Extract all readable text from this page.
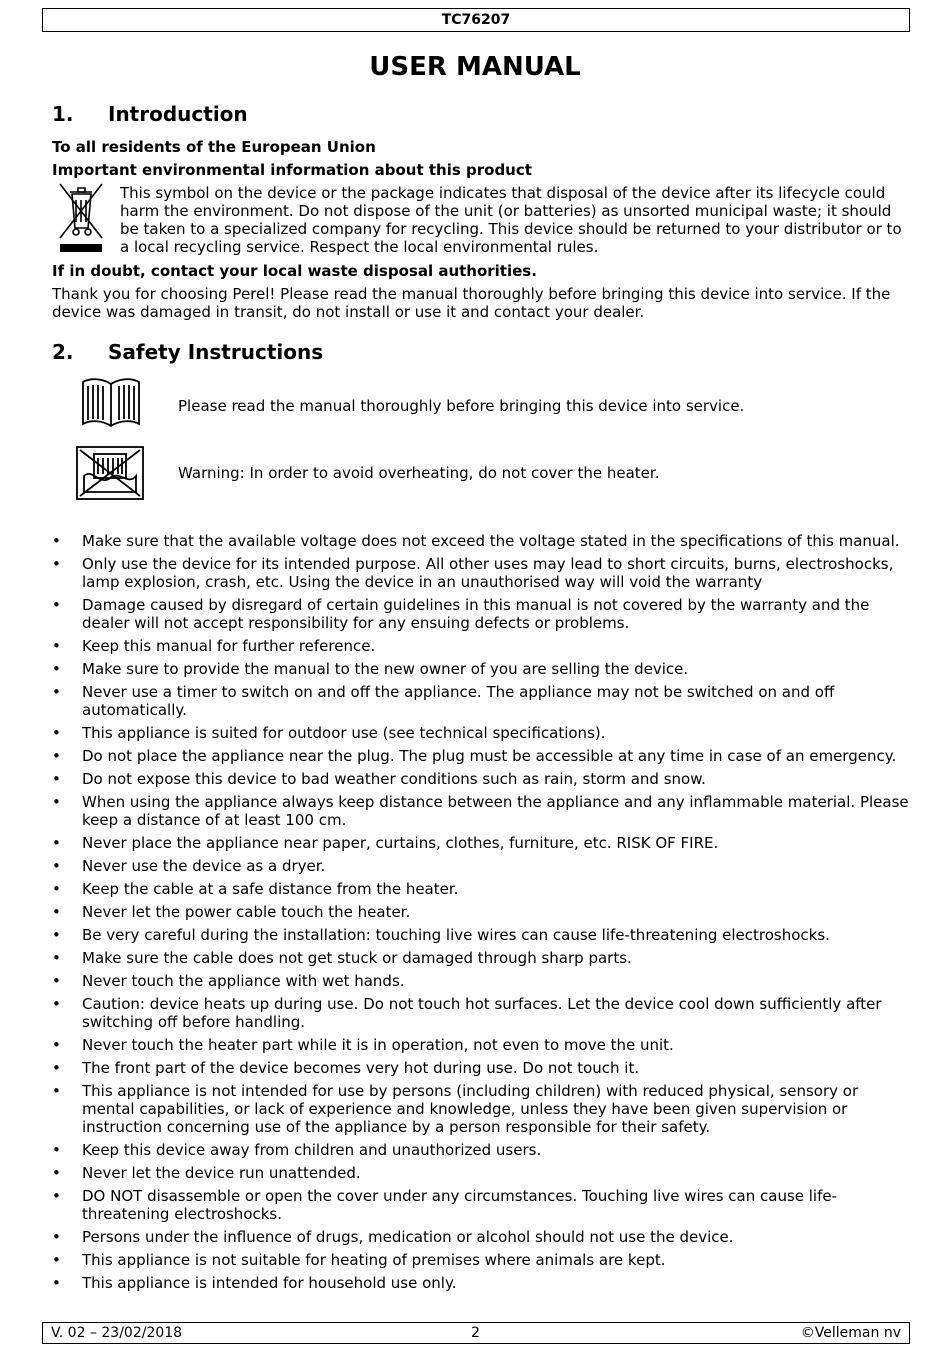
TC76207
USER MANUAL
1. Introduction
To all residents of the European Union
Important environmental information about this product
This symbol on the device or the package indicates that disposal of the device after its lifecycle could harm the environment. Do not dispose of the unit (or batteries) as unsorted municipal waste; it should be taken to a specialized company for recycling. This device should be returned to your distributor or to a local recycling service. Respect the local environmental rules.
If in doubt, contact your local waste disposal authorities.
Thank you for choosing Perel! Please read the manual thoroughly before bringing this device into service. If the device was damaged in transit, do not install or use it and contact your dealer.
2. Safety Instructions
Please read the manual thoroughly before bringing this device into service.
Warning: In order to avoid overheating, do not cover the heater.
• Make sure that the available voltage does not exceed the voltage stated in the specifications of this manual.
• Only use the device for its intended purpose. All other uses may lead to short circuits, burns, electroshocks, lamp explosion, crash, etc. Using the device in an unauthorised way will void the warranty
• Damage caused by disregard of certain guidelines in this manual is not covered by the warranty and the dealer will not accept responsibility for any ensuing defects or problems.
• Keep this manual for further reference.
• Make sure to provide the manual to the new owner of you are selling the device.
• Never use a timer to switch on and off the appliance. The appliance may not be switched on and off automatically.
• This appliance is suited for outdoor use (see technical specifications).
• Do not place the appliance near the plug. The plug must be accessible at any time in case of an emergency.
• Do not expose this device to bad weather conditions such as rain, storm and snow.
• When using the appliance always keep distance between the appliance and any inflammable material. Please keep a distance of at least 100 cm.
• Never place the appliance near paper, curtains, clothes, furniture, etc. RISK OF FIRE.
• Never use the device as a dryer.
• Keep the cable at a safe distance from the heater.
• Never let the power cable touch the heater.
• Be very careful during the installation: touching live wires can cause life-threatening electroshocks.
• Make sure the cable does not get stuck or damaged through sharp parts.
• Never touch the appliance with wet hands.
• Caution: device heats up during use. Do not touch hot surfaces. Let the device cool down sufficiently after switching off before handling.
• Never touch the heater part while it is in operation, not even to move the unit.
• The front part of the device becomes very hot during use. Do not touch it.
• This appliance is not intended for use by persons (including children) with reduced physical, sensory or mental capabilities, or lack of experience and knowledge, unless they have been given supervision or instruction concerning use of the appliance by a person responsible for their safety.
• Keep this device away from children and unauthorized users.
• Never let the device run unattended.
• DO NOT disassemble or open the cover under any circumstances. Touching live wires can cause life-threatening electroshocks.
• Persons under the influence of drugs, medication or alcohol should not use the device.
• This appliance is not suitable for heating of premises where animals are kept.
• This appliance is intended for household use only.
V. 02 – 23/02/2018	2	©Velleman nv
